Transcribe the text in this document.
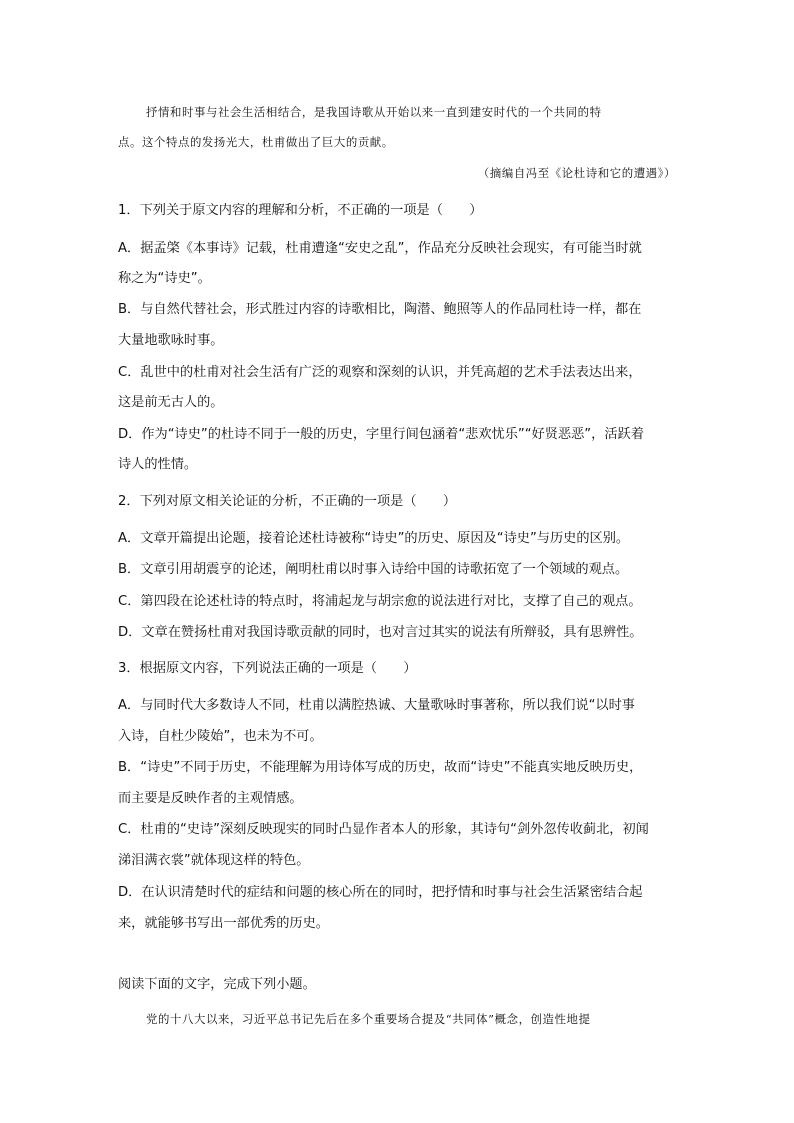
抒情和时事与社会生活相结合，是我国诗歌从开始以来一直到建安时代的一个共同的特
点。这个特点的发扬光大，杜甫做出了巨大的贡献。
（摘编自冯至《论杜诗和它的遭遇》）
1．下列关于原文内容的理解和分析，不正确的一项是（　　）
A．据孟棨《本事诗》记载，杜甫遭逢“安史之乱”，作品充分反映社会现实，有可能当时就
称之为“诗史”。
B．与自然代替社会，形式胜过内容的诗歌相比，陶潜、鲍照等人的作品同杜诗一样，都在
大量地歌咏时事。
C．乱世中的杜甫对社会生活有广泛的观察和深刻的认识，并凭高超的艺术手法表达出来，
这是前无古人的。
D．作为“诗史”的杜诗不同于一般的历史，字里行间包涵着“悲欢忧乐”“好贤恶恶”，活跃着
诗人的性情。
2．下列对原文相关论证的分析，不正确的一项是（　　）
A．文章开篇提出论题，接着论述杜诗被称“诗史”的历史、原因及“诗史”与历史的区别。
B．文章引用胡震亨的论述，阐明杜甫以时事入诗给中国的诗歌拓宽了一个领域的观点。
C．第四段在论述杜诗的特点时，将浦起龙与胡宗愈的说法进行对比，支撑了自己的观点。
D．文章在赞扬杜甫对我国诗歌贡献的同时，也对言过其实的说法有所辩驳，具有思辨性。
3．根据原文内容，下列说法正确的一项是（　　）
A．与同时代大多数诗人不同，杜甫以满腔热诚、大量歌咏时事著称，所以我们说“以时事
入诗，自杜少陵始”，也未为不可。
B．“诗史”不同于历史，不能理解为用诗体写成的历史，故而“诗史”不能真实地反映历史，
而主要是反映作者的主观情感。
C．杜甫的“史诗”深刻反映现实的同时凸显作者本人的形象，其诗句“剑外忽传收蓟北，初闻
涕泪满衣裳”就体现这样的特色。
D．在认识清楚时代的症结和问题的核心所在的同时，把抒情和时事与社会生活紧密结合起
来，就能够书写出一部优秀的历史。
阅读下面的文字，完成下列小题。
党的十八大以来，习近平总书记先后在多个重要场合提及“共同体”概念，创造性地提
